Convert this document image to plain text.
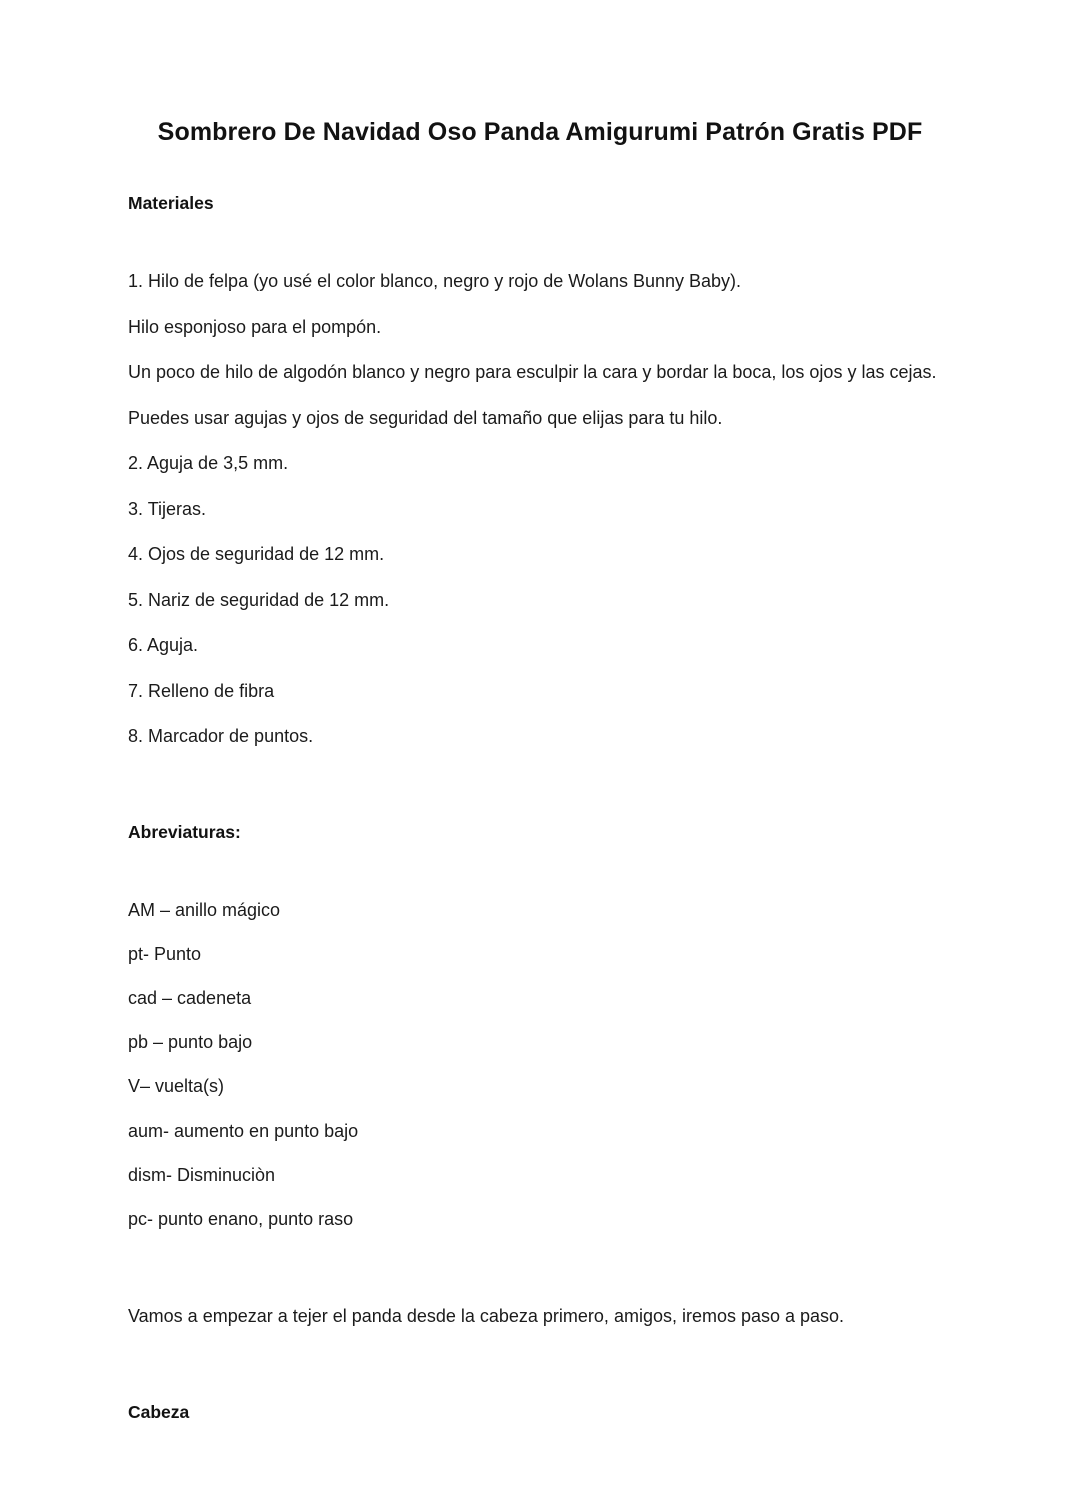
Sombrero De Navidad Oso Panda Amigurumi Patrón Gratis PDF
Materiales

1. Hilo de felpa (yo usé el color blanco, negro y rojo de Wolans Bunny Baby).

Hilo esponjoso para el pompón.

Un poco de hilo de algodón blanco y negro para esculpir la cara y bordar la boca, los ojos y las cejas.

Puedes usar agujas y ojos de seguridad del tamaño que elijas para tu hilo.

2. Aguja de 3,5 mm.

3. Tijeras.

4. Ojos de seguridad de 12 mm.

5. Nariz de seguridad de 12 mm.

6. Aguja.

7. Relleno de fibra

8. Marcador de puntos.

Abreviaturas:

AM – anillo mágico

pt- Punto

cad – cadeneta

pb – punto bajo

V– vuelta(s)

aum- aumento en punto bajo

dism- Disminuciòn

pc- punto enano, punto raso

Vamos a empezar a tejer el panda desde la cabeza primero, amigos, iremos paso a paso.

Cabeza
